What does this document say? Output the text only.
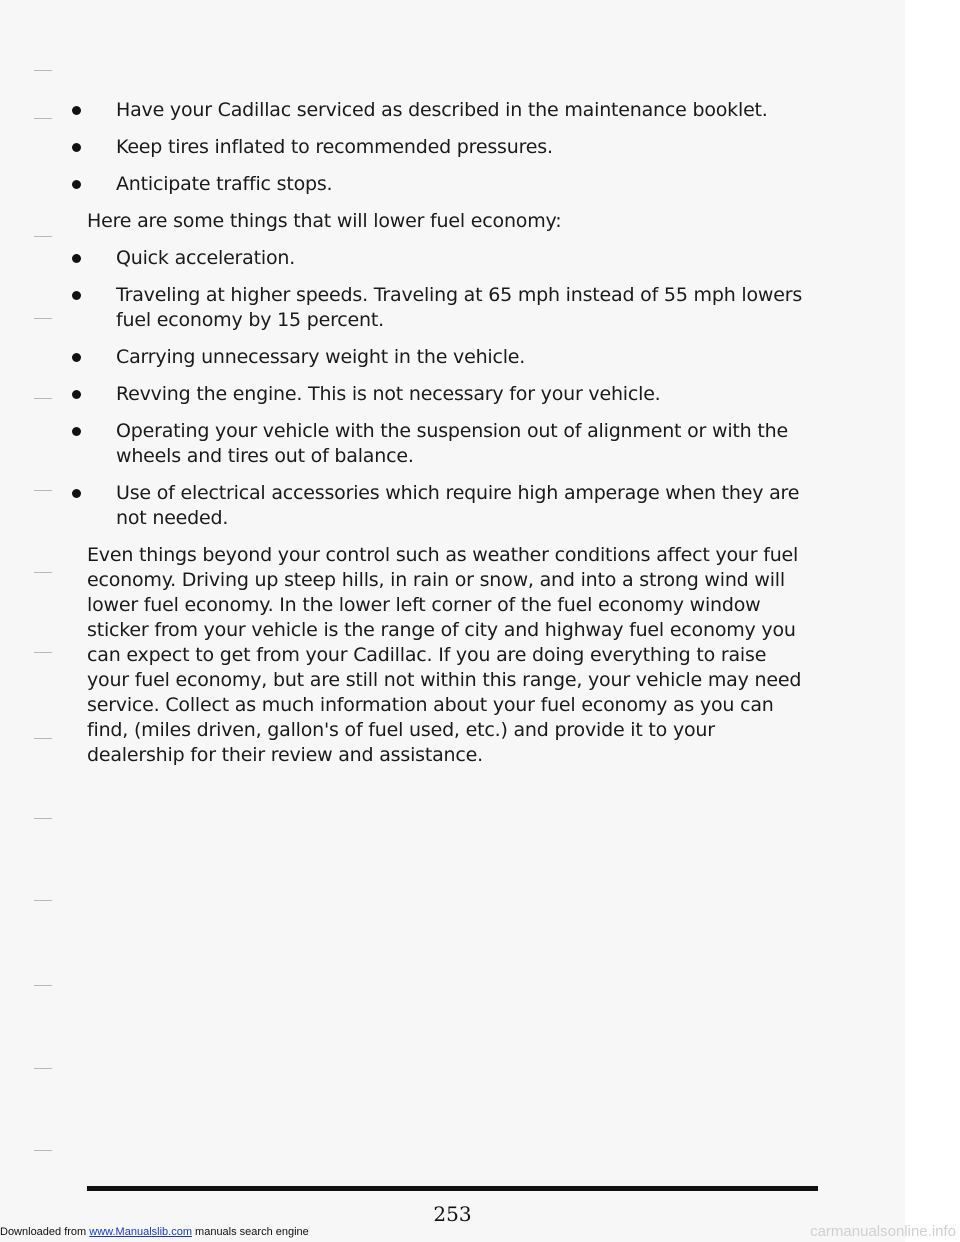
Have your Cadillac serviced as described in the maintenance booklet.
Keep tires inflated to recommended pressures.
Anticipate traffic stops.

Here are some things that will lower fuel economy:

Quick acceleration.
Traveling at higher speeds. Traveling at 65 mph instead of 55 mph lowers fuel economy by 15 percent.
Carrying unnecessary weight in the vehicle.
Revving the engine. This is not necessary for your vehicle.
Operating your vehicle with the suspension out of alignment or with the wheels and tires out of balance.
Use of electrical accessories which require high amperage when they are not needed.

Even things beyond your control such as weather conditions affect your fuel economy. Driving up steep hills, in rain or snow, and into a strong wind will lower fuel economy. In the lower left corner of the fuel economy window sticker from your vehicle is the range of city and highway fuel economy you can expect to get from your Cadillac. If you are doing everything to raise your fuel economy, but are still not within this range, your vehicle may need service. Collect as much information about your fuel economy as you can find, (miles driven, gallon's of fuel used, etc.) and provide it to your dealership for their review and assistance.

253
Downloaded from www.Manualslib.com manuals search engine	carmanualsonline.info
